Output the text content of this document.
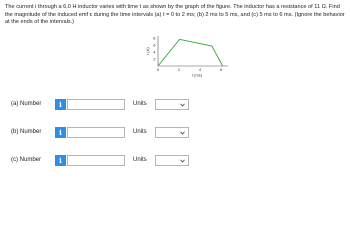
The current i through a 6.0 H inductor varies with time t as shown by the graph of the figure. The inductor has a resistance of 11 Ω. Find the magnitude of the induced emf ε during the time intervals (a) t = 0 to 2 ms; (b) 2 ms to 5 ms, and (c) 5 ms to 6 ms. (Ignore the behavior at the ends of the intervals.)

8
6
4
2
i (A)
0	2	4	6
t (ms)
(a) Number	i	Units
(b) Number	i	Units
(c) Number	i	Units
